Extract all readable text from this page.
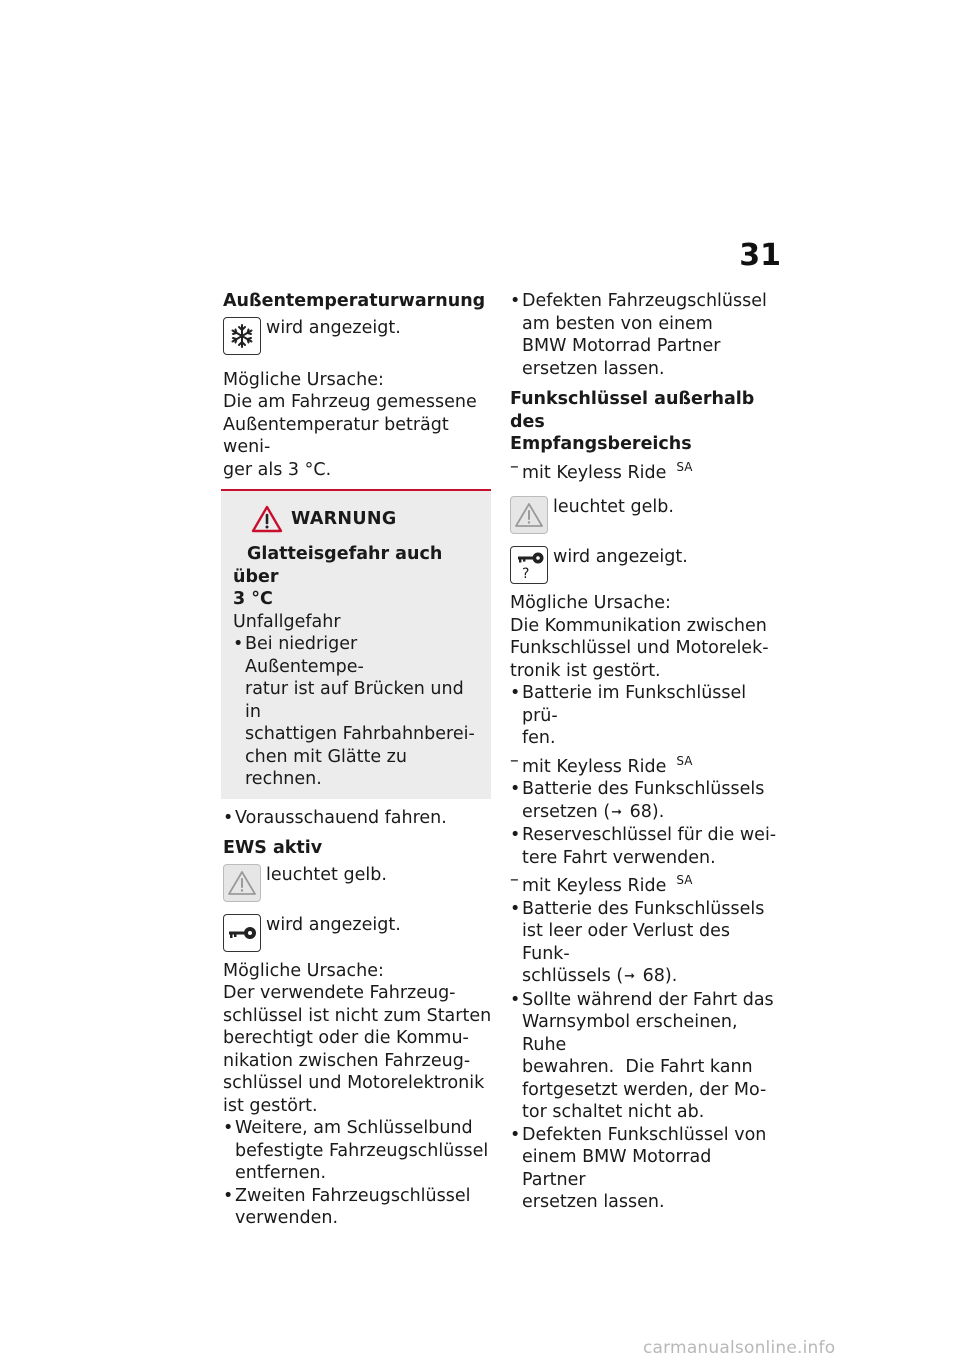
31

Außentemperaturwarnung

wird angezeigt.

Mögliche Ursache:

Die am Fahrzeug gemessene

Außentemperatur beträgt weni-

ger als 3 °C.

WARNUNG

Glatteisgefahr auch über

3 °C

Unfallgefahr

• Bei niedriger Außentempe-

ratur ist auf Brücken und in

schattigen Fahrbahnberei-

chen mit Glätte zu rechnen.

• Vorausschauend fahren.

EWS aktiv

leuchtet gelb.
wird angezeigt.

Mögliche Ursache:

Der verwendete Fahrzeug-

schlüssel ist nicht zum Starten

berechtigt oder die Kommu-

nikation zwischen Fahrzeug-

schlüssel und Motorelektronik

ist gestört.

• Weitere, am Schlüsselbund

befestigte Fahrzeugschlüssel

entfernen.

• Zweiten Fahrzeugschlüssel

verwenden.

• Defekten Fahrzeugschlüssel

am besten von einem

BMW Motorrad Partner

ersetzen lassen.

Funkschlüssel außerhalb des

Empfangsbereichs

– mit Keyless Ride $^{SA}$
leuchtet gelb.
?
wird angezeigt.

Mögliche Ursache:

Die Kommunikation zwischen

Funkschlüssel und Motorelek-

tronik ist gestört.

• Batterie im Funkschlüssel prü-

fen.

– mit Keyless Ride $^{SA}$
• Batterie des Funkschlüssels

ersetzen (➞ 68).

• Reserveschlüssel für die wei-

tere Fahrt verwenden.

– mit Keyless Ride $^{SA}$
• Batterie des Funkschlüssels

ist leer oder Verlust des Funk-

schlüssels (➞ 68).

• Sollte während der Fahrt das

Warnsymbol erscheinen, Ruhe

bewahren.  Die Fahrt kann

fortgesetzt werden, der Mo-

tor schaltet nicht ab.

• Defekten Funkschlüssel von

einem BMW Motorrad Partner

ersetzen lassen.

carmanualsonline.info
